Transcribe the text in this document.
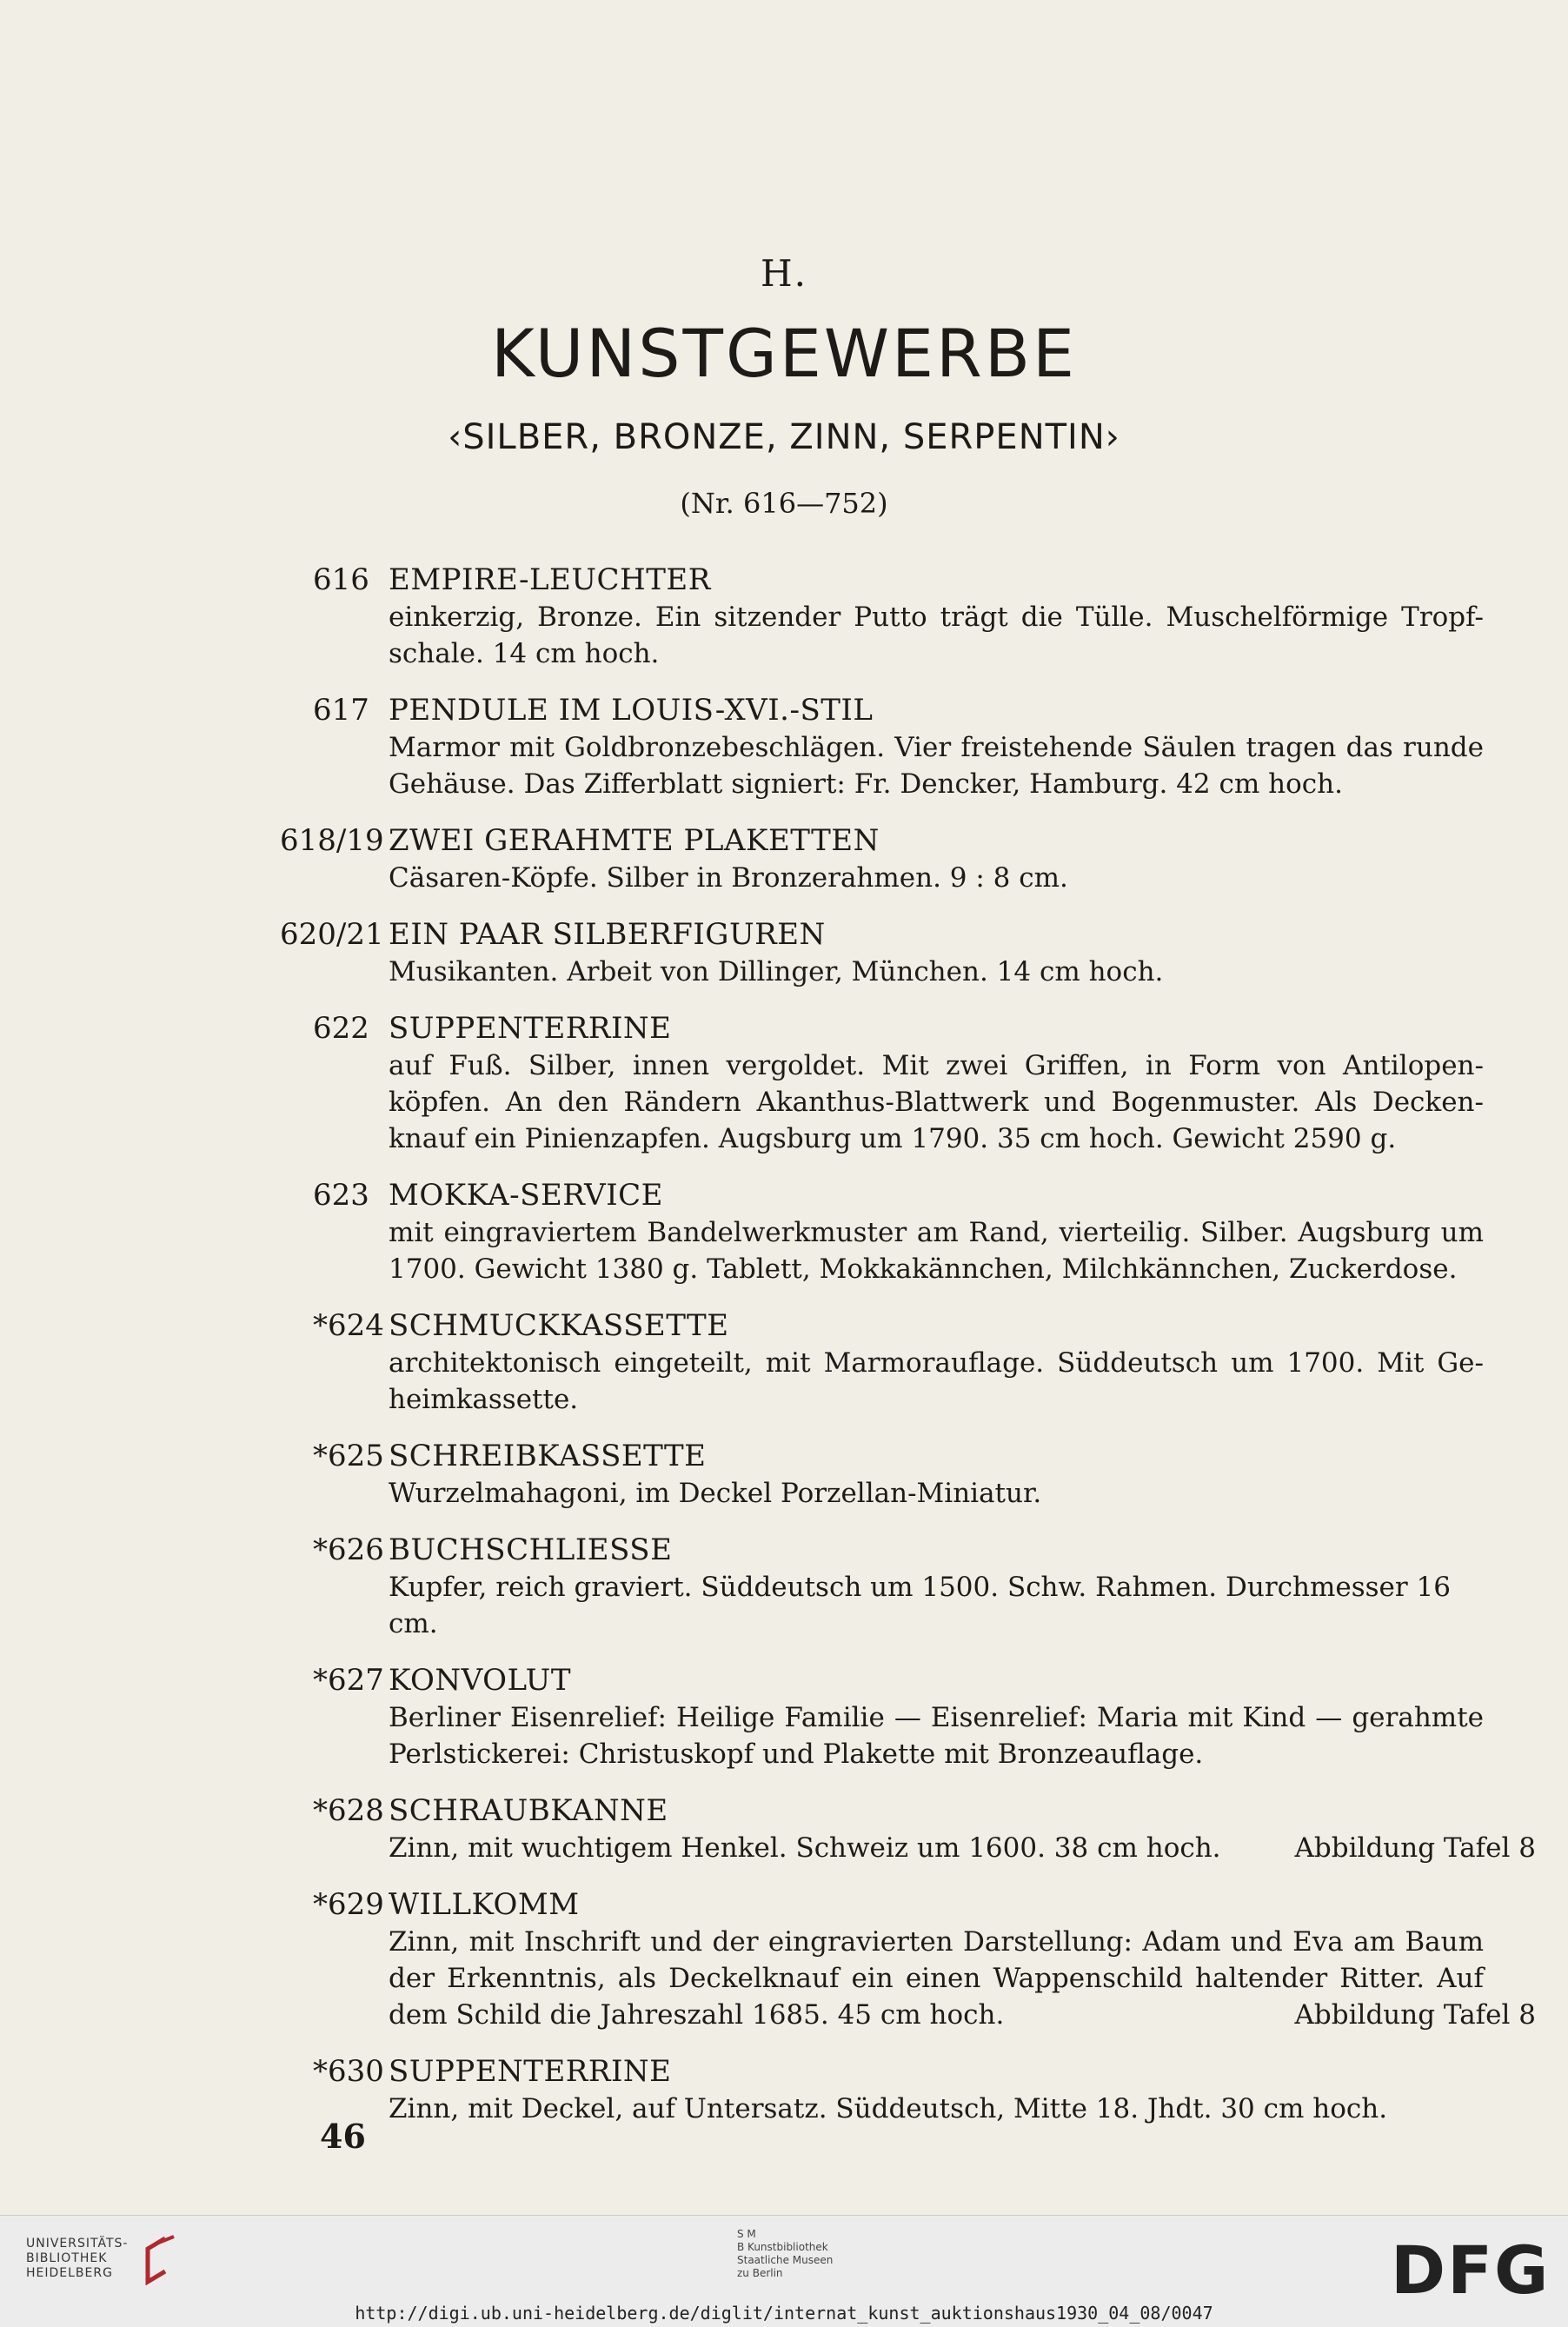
H.
KUNSTGEWERBE
‹SILBER, BRONZE, ZINN, SERPENTIN›
(Nr. 616—752)
616 EMPIRE-LEUCHTER
einkerzig, Bronze. Ein sitzender Putto trägt die Tülle. Muschelförmige Tropf-
schale. 14 cm hoch.
617 PENDULE IM LOUIS-XVI.-STIL
Marmor mit Goldbronzebeschlägen. Vier freistehende Säulen tragen das runde
Gehäuse. Das Zifferblatt signiert: Fr. Dencker, Hamburg. 42 cm hoch.
618/19 ZWEI GERAHMTE PLAKETTEN
Cäsaren-Köpfe. Silber in Bronzerahmen. 9 : 8 cm.
620/21 EIN PAAR SILBERFIGUREN
Musikanten. Arbeit von Dillinger, München. 14 cm hoch.
622 SUPPENTERRINE
auf Fuß. Silber, innen vergoldet. Mit zwei Griffen, in Form von Antilopen-
köpfen. An den Rändern Akanthus-Blattwerk und Bogenmuster. Als Decken-
knauf ein Pinienzapfen. Augsburg um 1790. 35 cm hoch. Gewicht 2590 g.
623 MOKKA-SERVICE
mit eingraviertem Bandelwerkmuster am Rand, vierteilig. Silber. Augsburg um
1700. Gewicht 1380 g. Tablett, Mokkakännchen, Milchkännchen, Zuckerdose.
*624 SCHMUCKKASSETTE
architektonisch eingeteilt, mit Marmorauflage. Süddeutsch um 1700. Mit Ge-
heimkassette.
*625 SCHREIBKASSETTE
Wurzelmahagoni, im Deckel Porzellan-Miniatur.
*626 BUCHSCHLIESSE
Kupfer, reich graviert. Süddeutsch um 1500. Schw. Rahmen. Durchmesser 16 cm.
*627 KONVOLUT
Berliner Eisenrelief: Heilige Familie — Eisenrelief: Maria mit Kind — gerahmte
Perlstickerei: Christuskopf und Plakette mit Bronzeauflage.
*628 SCHRAUBKANNE
Abbildung Tafel 8
Zinn, mit wuchtigem Henkel. Schweiz um 1600. 38 cm hoch.
*629 WILLKOMM
Zinn, mit Inschrift und der eingravierten Darstellung: Adam und Eva am Baum
der Erkenntnis, als Deckelknauf ein einen Wappenschild haltender Ritter. Auf
Abbildung Tafel 8
dem Schild die Jahreszahl 1685. 45 cm hoch.
*630 SUPPENTERRINE
Zinn, mit Deckel, auf Untersatz. Süddeutsch, Mitte 18. Jhdt. 30 cm hoch.
46
UNIVERSITÄTS-
BIBLIOTHEK
HEIDELBERG
S M
B Kunstbibliothek
Staatliche Museen
zu Berlin	DFG
http://digi.ub.uni-heidelberg.de/diglit/internat_kunst_auktionshaus1930_04_08/0047
